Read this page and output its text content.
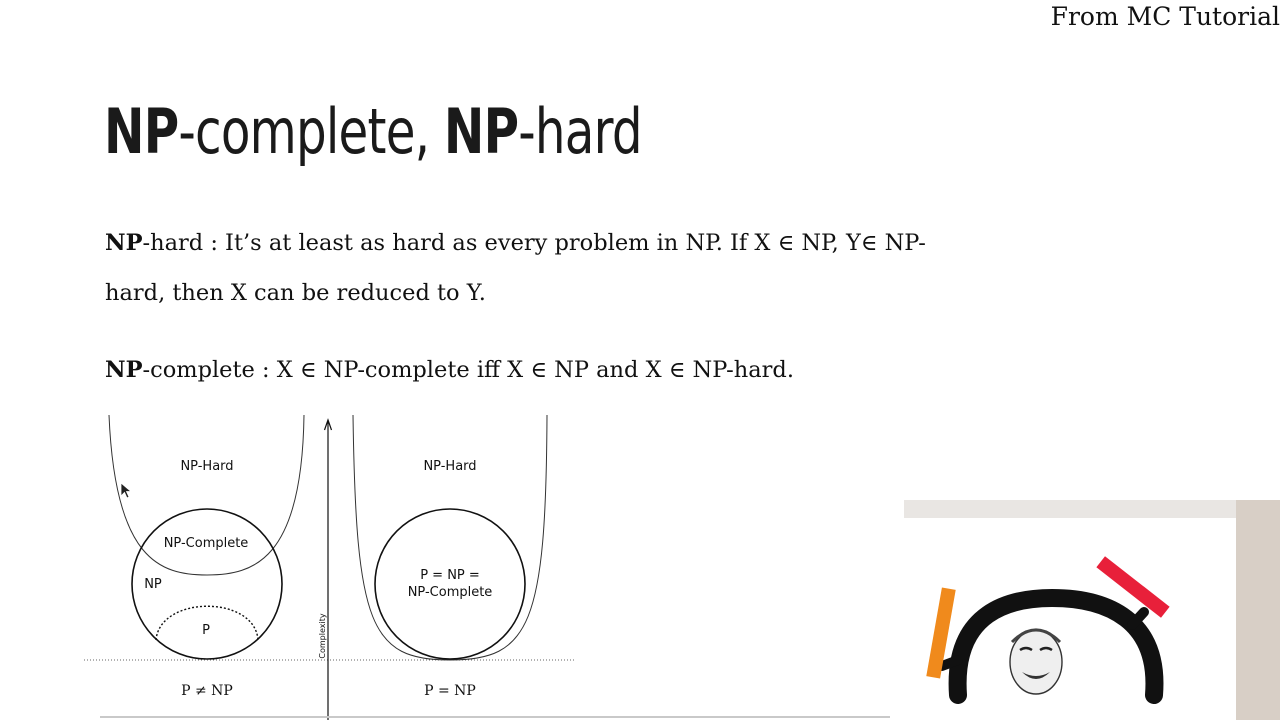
From MC Tutorial
NP-complete, NP-hard
NP-hard : It’s at least as hard as every problem in NP. If X ∈ NP, Y∈ NP-
hard, then X can be reduced to Y.
NP-complete : X ∈ NP-complete iff X ∈ NP and X ∈ NP-hard.
NP-Hard
NP-Complete
NP
P	Complexity
NP-Hard
P = NP =
NP-Complete
P ≠ NP	P = NP
